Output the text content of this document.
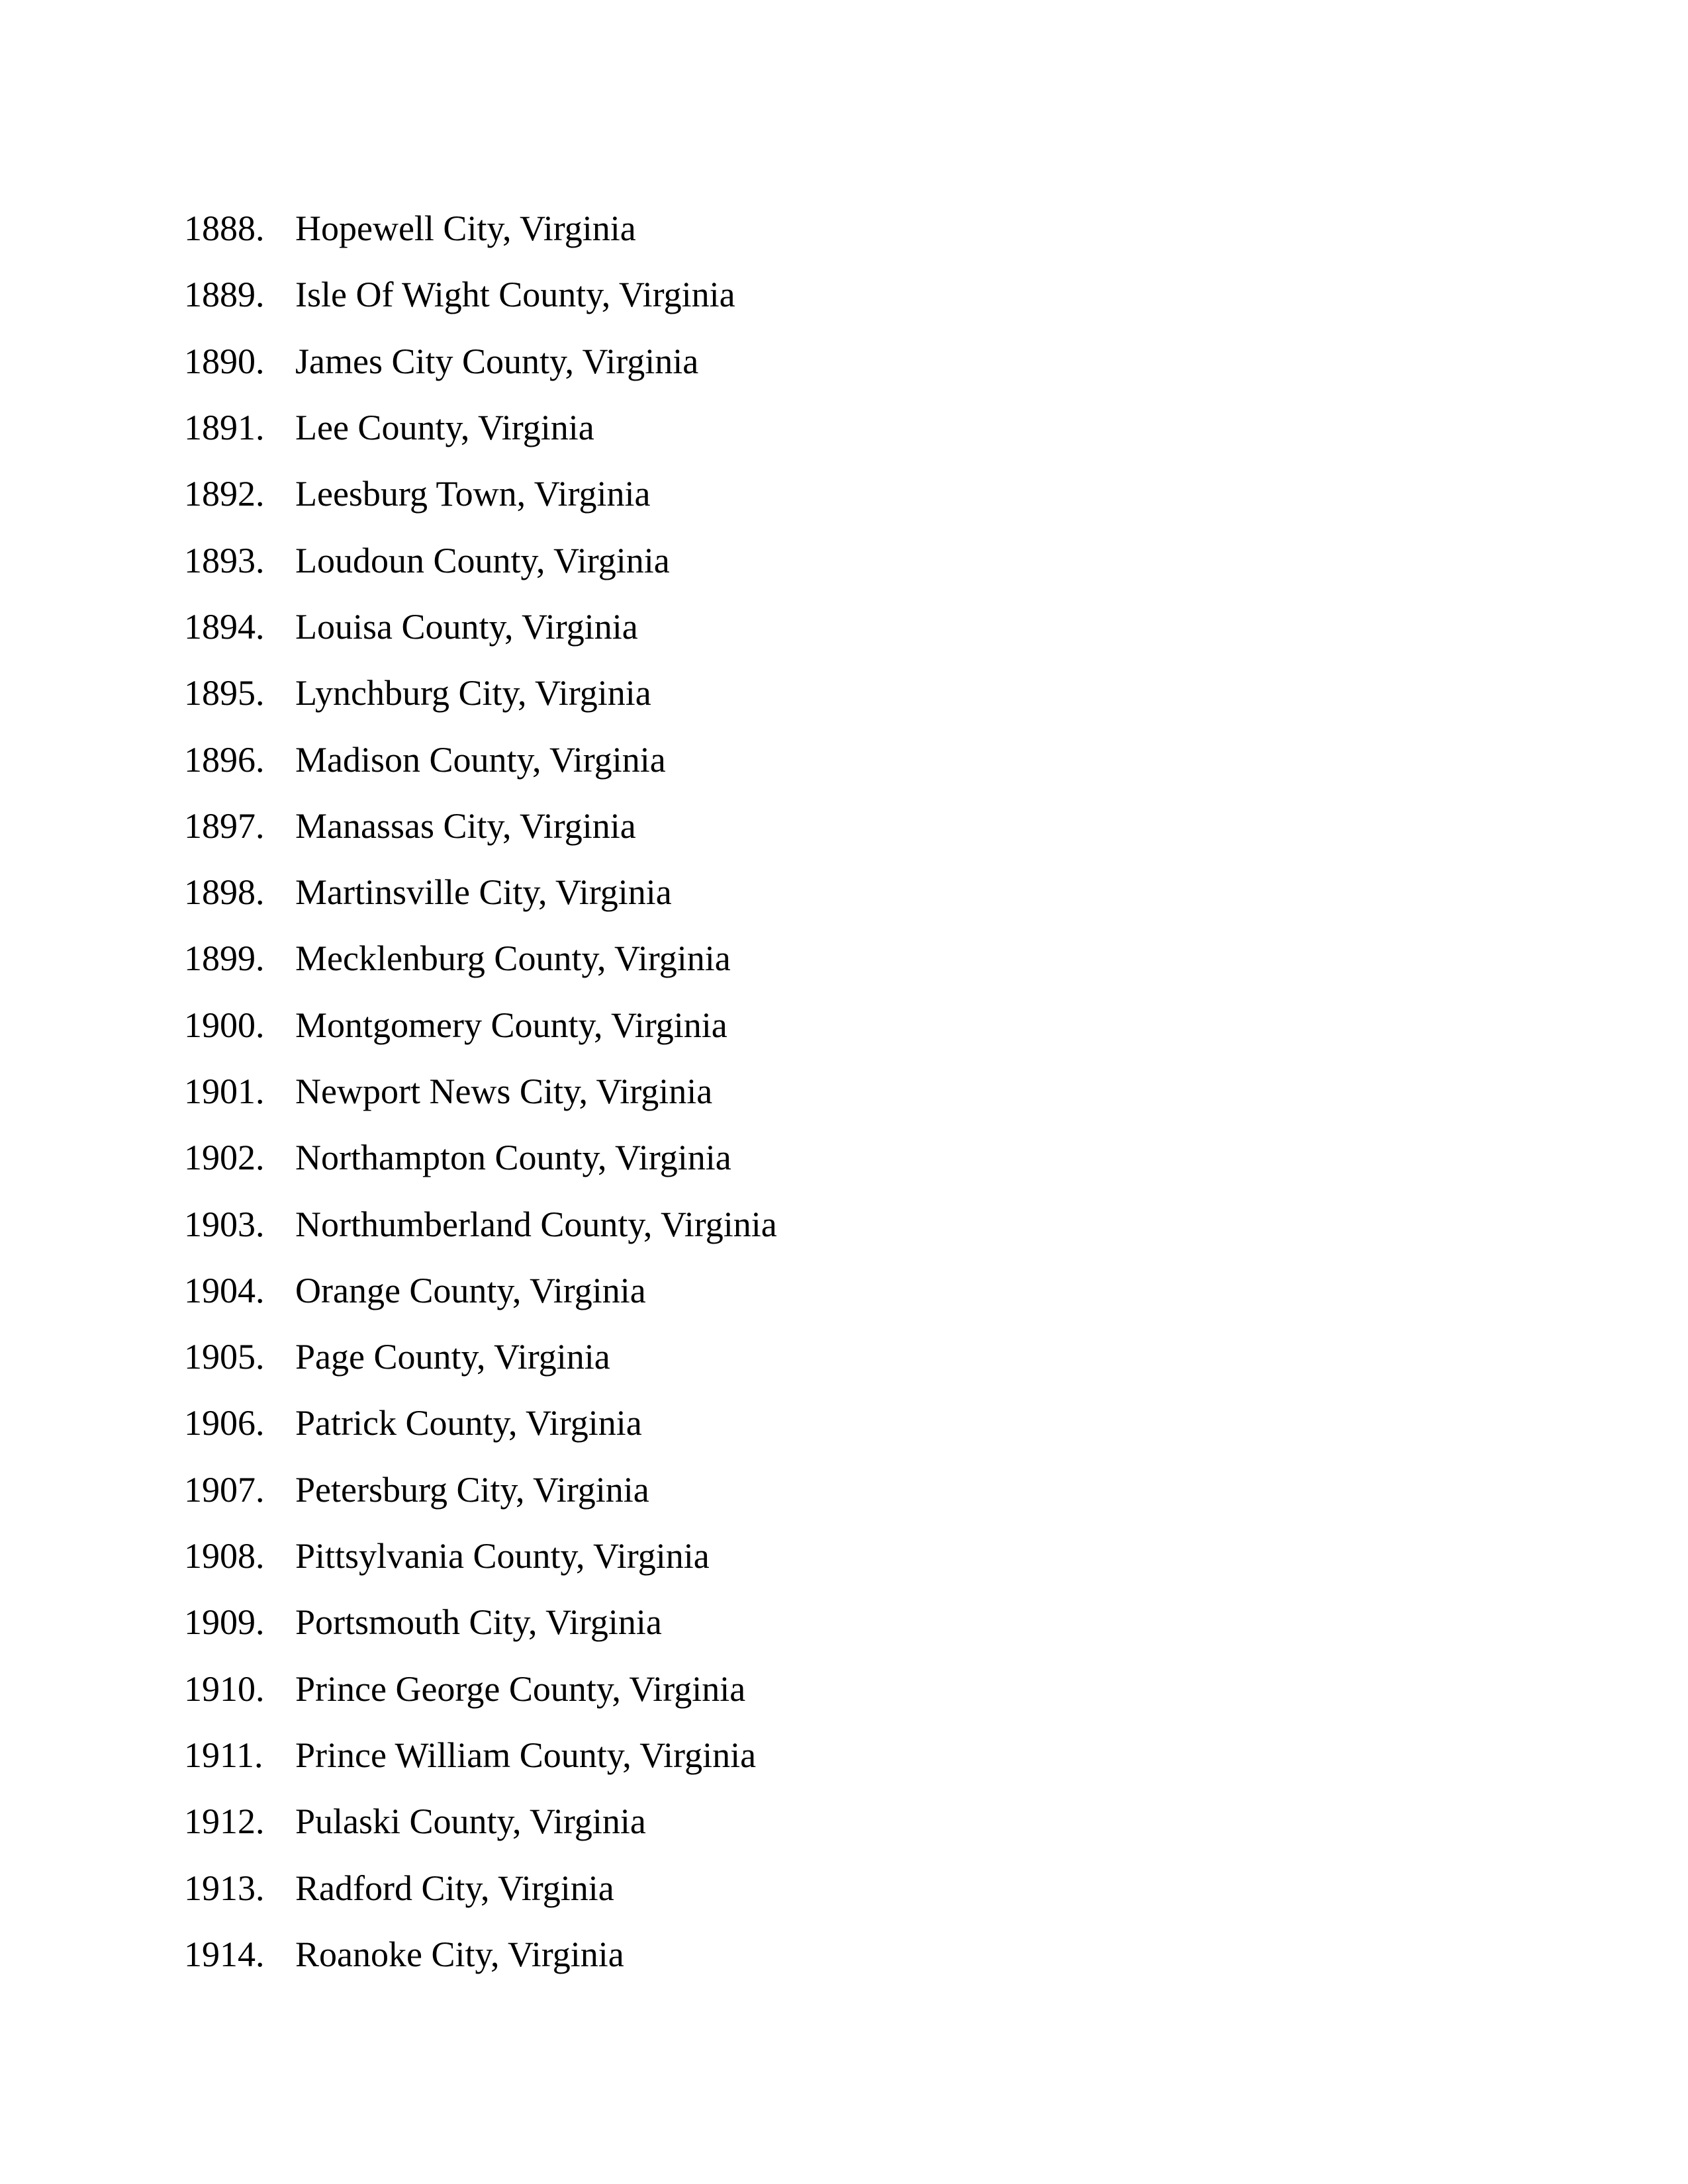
1888. Hopewell City, Virginia
1889. Isle Of Wight County, Virginia
1890. James City County, Virginia
1891. Lee County, Virginia
1892. Leesburg Town, Virginia
1893. Loudoun County, Virginia
1894. Louisa County, Virginia
1895. Lynchburg City, Virginia
1896. Madison County, Virginia
1897. Manassas City, Virginia
1898. Martinsville City, Virginia
1899. Mecklenburg County, Virginia
1900. Montgomery County, Virginia
1901. Newport News City, Virginia
1902. Northampton County, Virginia
1903. Northumberland County, Virginia
1904. Orange County, Virginia
1905. Page County, Virginia
1906. Patrick County, Virginia
1907. Petersburg City, Virginia
1908. Pittsylvania County, Virginia
1909. Portsmouth City, Virginia
1910. Prince George County, Virginia
1911. Prince William County, Virginia
1912. Pulaski County, Virginia
1913. Radford City, Virginia
1914. Roanoke City, Virginia
